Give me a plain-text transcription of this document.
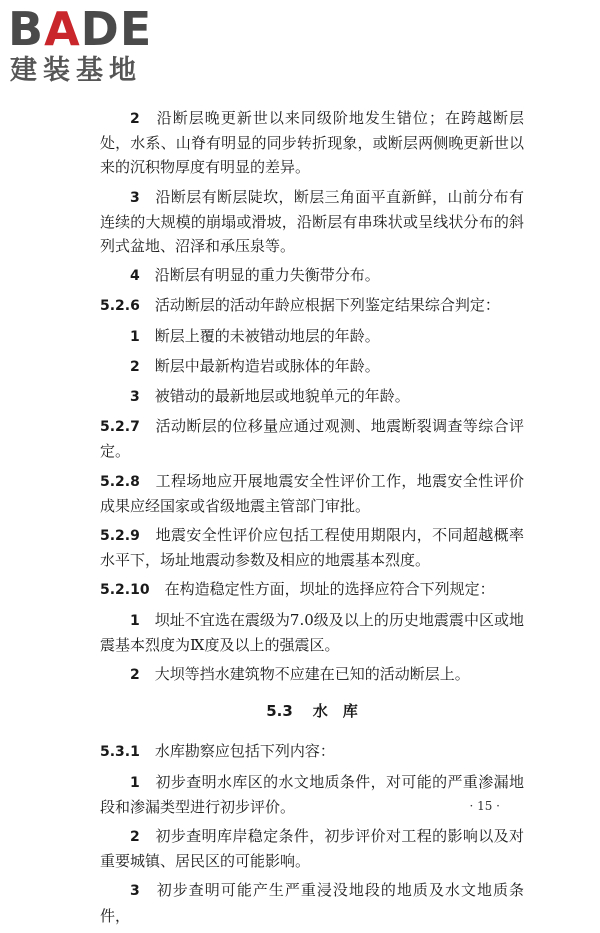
BADE
建装基地

2　 沿断层晚更新世以来同级阶地发生错位；在跨越断层处，水系、山脊有明显的同步转折现象，或断层两侧晚更新世以来的沉积物厚度有明显的差异。

3　 沿断层有断层陡坎，断层三角面平直新鲜，山前分布有连续的大规模的崩塌或滑坡，沿断层有串珠状或呈线状分布的斜列式盆地、沼泽和承压泉等。

4　 沿断层有明显的重力失衡带分布。

5.2.6　 活动断层的活动年龄应根据下列鉴定结果综合判定：

1　 断层上覆的未被错动地层的年龄。

2　 断层中最新构造岩或脉体的年龄。

3　 被错动的最新地层或地貌单元的年龄。

5.2.7　 活动断层的位移量应通过观测、地震断裂调查等综合评定。

5.2.8　 工程场地应开展地震安全性评价工作，地震安全性评价成果应经国家或省级地震主管部门审批。

5.2.9　 地震安全性评价应包括工程使用期限内，不同超越概率水平下，场址地震动参数及相应的地震基本烈度。

5.2.10　 在构造稳定性方面，坝址的选择应符合下列规定：

1　 坝址不宜选在震级为7.0级及以上的历史地震震中区或地震基本烈度为Ⅸ度及以上的强震区。

2　 大坝等挡水建筑物不应建在已知的活动断层上。

5.3 水　库

5.3.1　 水库勘察应包括下列内容：

1　 初步查明水库区的水文地质条件，对可能的严重渗漏地段和渗漏类型进行初步评价。

2　 初步查明库岸稳定条件，初步评价对工程的影响以及对重要城镇、居民区的可能影响。

3　 初步查明可能产生严重浸没地段的地质及水文地质条件，

· 15 ·
